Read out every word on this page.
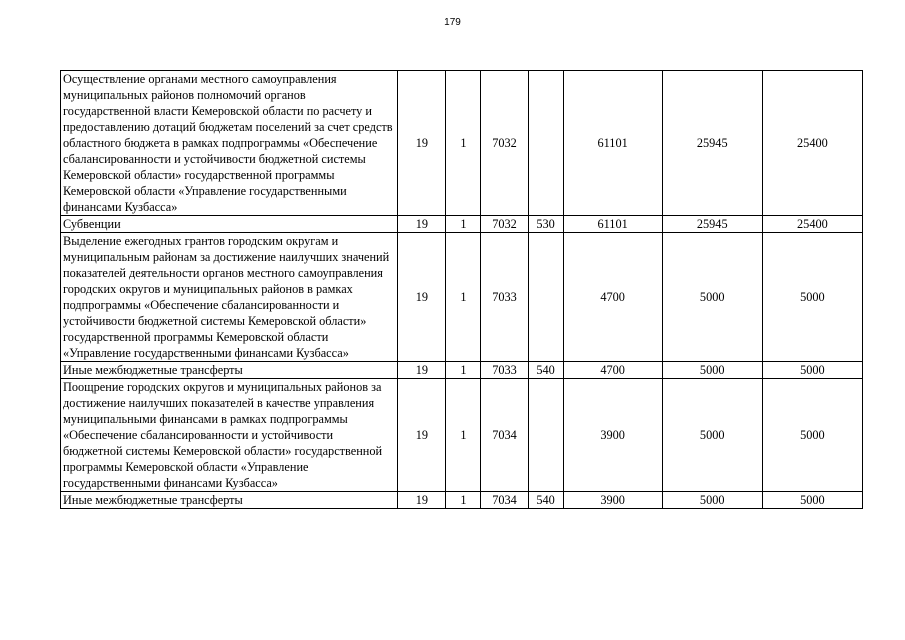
179
Осуществление органами местного самоуправления муниципальных районов полномочий органов государственной власти Кемеровской области по расчету и предоставлению дотаций бюджетам поселений за счет средств областного бюджета в рамках подпрограммы «Обеспечение сбалансированности и устойчивости бюджетной системы Кемеровской области» государственной программы Кемеровской области «Управление государственными финансами Кузбасса»	19	1	7032		61101	25945	25400
Субвенции	19	1	7032	530	61101	25945	25400
Выделение ежегодных грантов городским округам и муниципальным районам за достижение наилучших значений показателей деятельности органов местного самоуправления городских округов и муниципальных районов в рамках подпрограммы «Обеспечение сбалансированности и устойчивости бюджетной системы Кемеровской области» государственной программы Кемеровской области «Управление государственными финансами Кузбасса»	19	1	7033		4700	5000	5000
Иные межбюджетные трансферты	19	1	7033	540	4700	5000	5000
Поощрение городских округов и муниципальных районов за достижение наилучших показателей в качестве управления муниципальными финансами в рамках подпрограммы «Обеспечение сбалансированности и устойчивости бюджетной системы Кемеровской области» государственной программы Кемеровской области «Управление государственными финансами Кузбасса»	19	1	7034		3900	5000	5000
Иные межбюджетные трансферты	19	1	7034	540	3900	5000	5000
